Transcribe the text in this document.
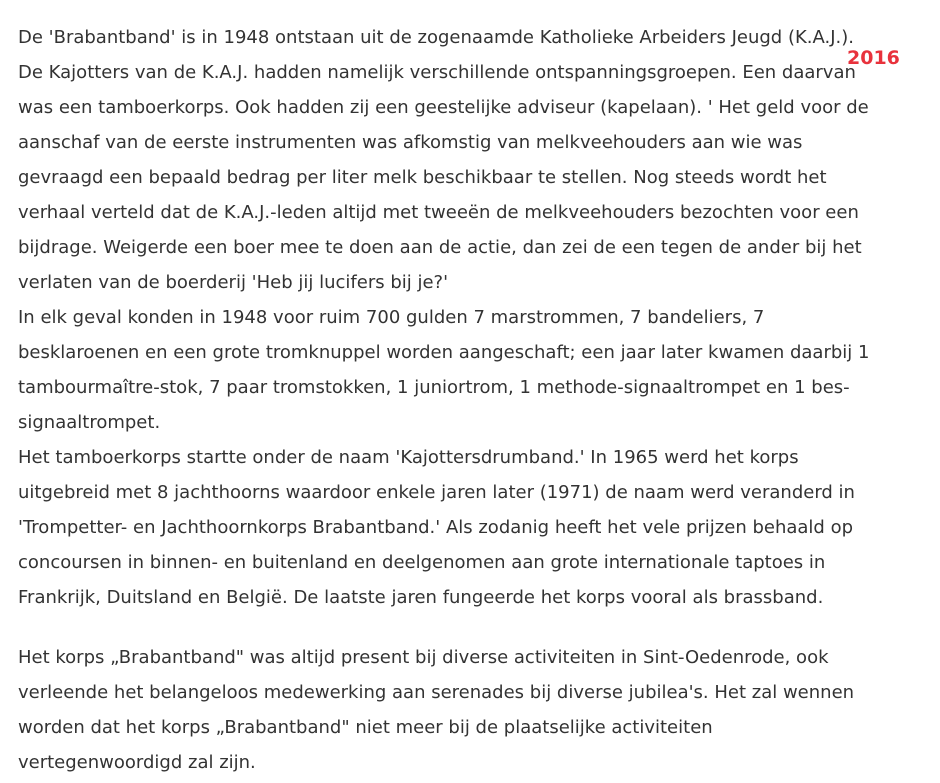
2016
De 'Brabantband' is in 1948 ontstaan uit de zogenaamde Katholieke Arbeiders Jeugd (K.A.J.).
De Kajotters van de K.A.J. hadden namelijk verschillende ontspanningsgroepen. Een daarvan
was een tamboerkorps. Ook hadden zij een geestelijke adviseur (kapelaan). ' Het geld voor de
aanschaf van de eerste instrumenten was afkomstig van melkveehouders aan wie was
gevraagd een bepaald bedrag per liter melk beschikbaar te stellen. Nog steeds wordt het
verhaal verteld dat de K.A.J.-leden altijd met tweeën de melkveehouders bezochten voor een
bijdrage. Weigerde een boer mee te doen aan de actie, dan zei de een tegen de ander bij het
verlaten van de boerderij 'Heb jij lucifers bij je?'
In elk geval konden in 1948 voor ruim 700 gulden 7 marstrommen, 7 bandeliers, 7
besklaroenen en een grote tromknuppel worden aangeschaft; een jaar later kwamen daarbij 1
tambourmaître-stok, 7 paar tromstokken, 1 juniortrom, 1 methode-signaaltrompet en 1 bes-
signaaltrompet.
Het tamboerkorps startte onder de naam 'Kajottersdrumband.' In 1965 werd het korps
uitgebreid met 8 jachthoorns waardoor enkele jaren later (1971) de naam werd veranderd in
'Trompetter- en Jachthoornkorps Brabantband.' Als zodanig heeft het vele prijzen behaald op
concoursen in binnen- en buitenland en deelgenomen aan grote internationale taptoes in
Frankrijk, Duitsland en België. De laatste jaren fungeerde het korps vooral als brassband.
Het korps „Brabantband" was altijd present bij diverse activiteiten in Sint-Oedenrode, ook
verleende het belangeloos medewerking aan serenades bij diverse jubilea's. Het zal wennen
worden dat het korps „Brabantband" niet meer bij de plaatselijke activiteiten
vertegenwoordigd zal zijn.
